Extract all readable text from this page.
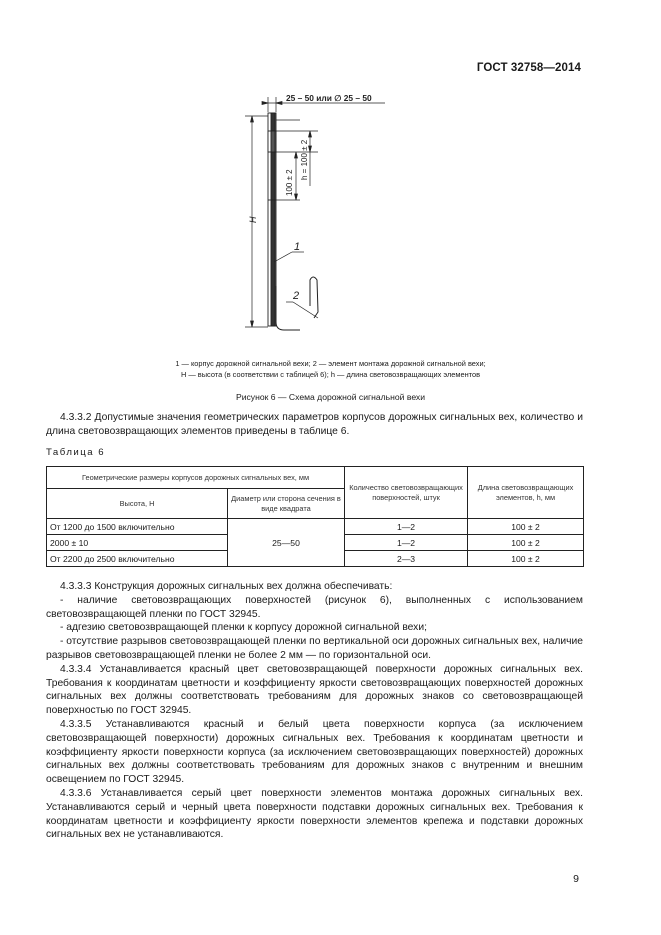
ГОСТ 32758—2014
25 – 50 или ∅ 25 – 50
h = 100 ± 2
100 ± 2
H
1
2
1 — корпус дорожной сигнальной вехи; 2 — элемент монтажа дорожной сигнальной вехи;
H — высота (в соответствии с таблицей 6); h — длина световозвращающих элементов
Рисунок 6 — Схема дорожной сигнальной вехи

4.3.3.2 Допустимые значения геометрических параметров корпусов дорожных сигнальных вех, количество и длина световозвращающих элементов приведены в таблице 6.

Таблица 6
Геометрические размеры корпусов дорожных сигнальных вех, мм		Количество световозвращающих поверхностей, штук	Длина световозвращающих элементов, h, мм
Высота, H	Диаметр или сторона сечения в виде квадрата		
От 1200 до 1500 включительно	25—50	1—2	100 ± 2
2000 ± 10		1—2	100 ± 2
От 2200 до 2500 включительно		2—3	100 ± 2

4.3.3.3 Конструкция дорожных сигнальных вех должна обеспечивать:

- наличие световозвращающих поверхностей (рисунок 6), выполненных с использованием световозвращающей пленки по ГОСТ 32945.

- адгезию световозвращающей пленки к корпусу дорожной сигнальной вехи;

- отсутствие разрывов световозвращающей пленки по вертикальной оси дорожных сигнальных вех, наличие разрывов световозвращающей пленки не более 2 мм — по горизонтальной оси.

4.3.3.4 Устанавливается красный цвет световозвращающей поверхности дорожных сигнальных вех. Требования к координатам цветности и коэффициенту яркости световозвращающих поверхностей дорожных сигнальных вех должны соответствовать требованиям для дорожных знаков со световозвращающей поверхностью по ГОСТ 32945.

4.3.3.5 Устанавливаются красный и белый цвета поверхности корпуса (за исключением световозвращающей поверхности) дорожных сигнальных вех. Требования к координатам цветности и коэффициенту яркости поверхности корпуса (за исключением световозвращающих поверхностей) дорожных сигнальных вех должны соответствовать требованиям для дорожных знаков с внутренним и внешним освещением по ГОСТ 32945.

4.3.3.6 Устанавливается серый цвет поверхности элементов монтажа дорожных сигнальных вех. Устанавливаются серый и черный цвета поверхности подставки дорожных сигнальных вех. Требования к координатам цветности и коэффициенту яркости поверхности элементов крепежа и подставки дорожных сигнальных вех не устанавливаются.

9
